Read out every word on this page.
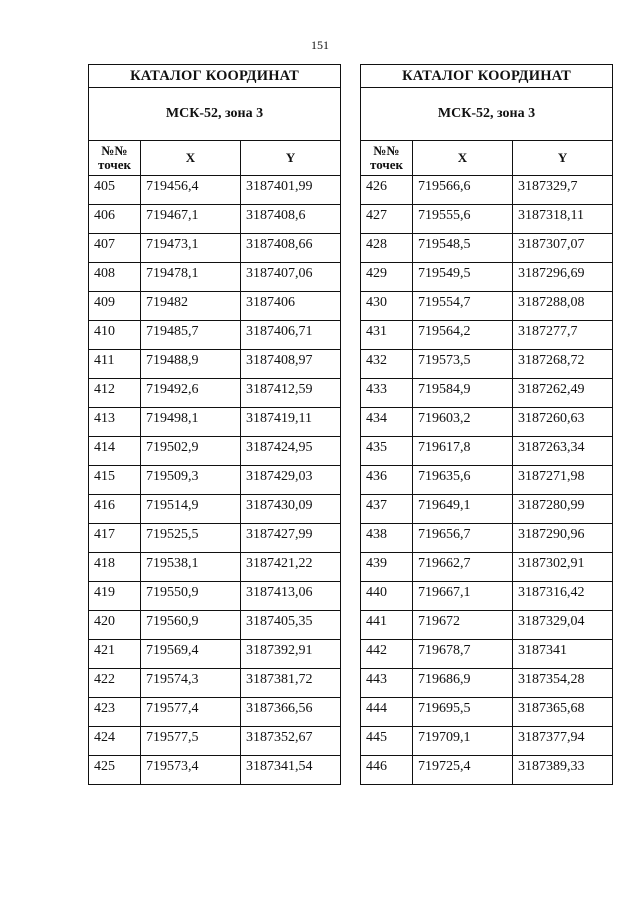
151
КАТАЛОГ КООРДИНАТ		
МСК-52, зона 3		
№№
точек	X	Y
405	719456,4	3187401,99
406	719467,1	3187408,6
407	719473,1	3187408,66
408	719478,1	3187407,06
409	719482	3187406
410	719485,7	3187406,71
411	719488,9	3187408,97
412	719492,6	3187412,59
413	719498,1	3187419,11
414	719502,9	3187424,95
415	719509,3	3187429,03
416	719514,9	3187430,09
417	719525,5	3187427,99
418	719538,1	3187421,22
419	719550,9	3187413,06
420	719560,9	3187405,35
421	719569,4	3187392,91
422	719574,3	3187381,72
423	719577,4	3187366,56
424	719577,5	3187352,67
425	719573,4	3187341,54
КАТАЛОГ КООРДИНАТ		
МСК-52, зона 3		
№№
точек	X	Y
426	719566,6	3187329,7
427	719555,6	3187318,11
428	719548,5	3187307,07
429	719549,5	3187296,69
430	719554,7	3187288,08
431	719564,2	3187277,7
432	719573,5	3187268,72
433	719584,9	3187262,49
434	719603,2	3187260,63
435	719617,8	3187263,34
436	719635,6	3187271,98
437	719649,1	3187280,99
438	719656,7	3187290,96
439	719662,7	3187302,91
440	719667,1	3187316,42
441	719672	3187329,04
442	719678,7	3187341
443	719686,9	3187354,28
444	719695,5	3187365,68
445	719709,1	3187377,94
446	719725,4	3187389,33
